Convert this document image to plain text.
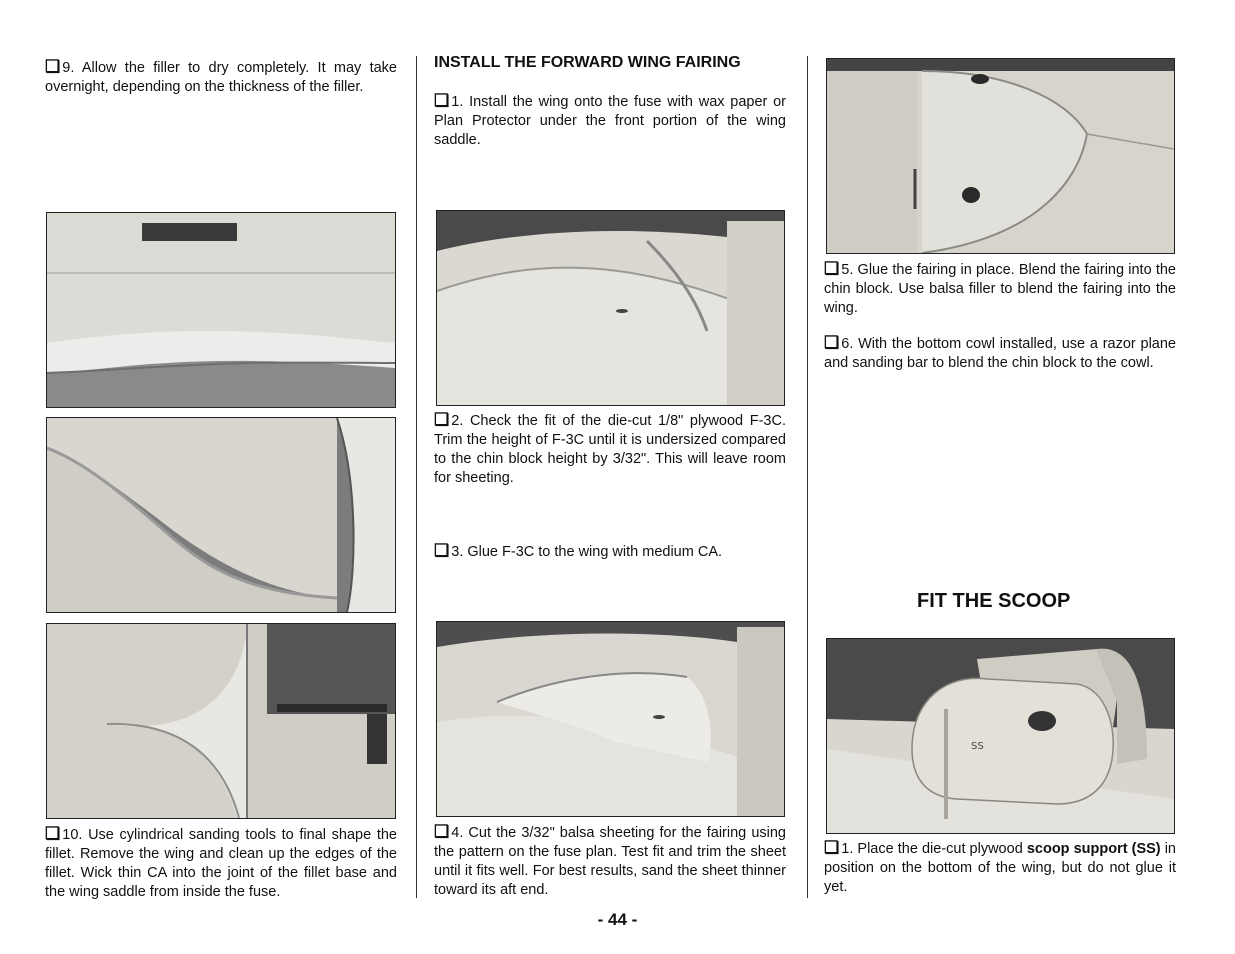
❏ 9. Allow the filler to dry completely. It may take overnight, depending on the thickness of the filler.

❏ 10. Use cylindrical sanding tools to final shape the fillet. Remove the wing and clean up the edges of the fillet. Wick thin CA into the joint of the fillet base and the wing saddle from inside the fuse.

INSTALL THE FORWARD WING FAIRING

❏ 1. Install the wing onto the fuse with wax paper or Plan Protector under the front portion of the wing saddle.

❏ 2. Check the fit of the die-cut 1/8" plywood F-3C. Trim the height of F-3C until it is undersized compared to the chin block height by 3/32". This will leave room for sheeting.

❏ 3. Glue F-3C to the wing with medium CA.

❏ 4. Cut the 3/32" balsa sheeting for the fairing using the pattern on the fuse plan. Test fit and trim the sheet until it fits well. For best results, sand the sheet thinner toward its aft end.

❏ 5. Glue the fairing in place. Blend the fairing into the chin block. Use balsa filler to blend the fairing into the wing.

❏ 6. With the bottom cowl installed, use a razor plane and sanding bar to blend the chin block to the cowl.

FIT THE SCOOP
SS

❏ 1. Place the die-cut plywood scoop support (SS) in position on the bottom of the wing, but do not glue it yet.

- 44 -
